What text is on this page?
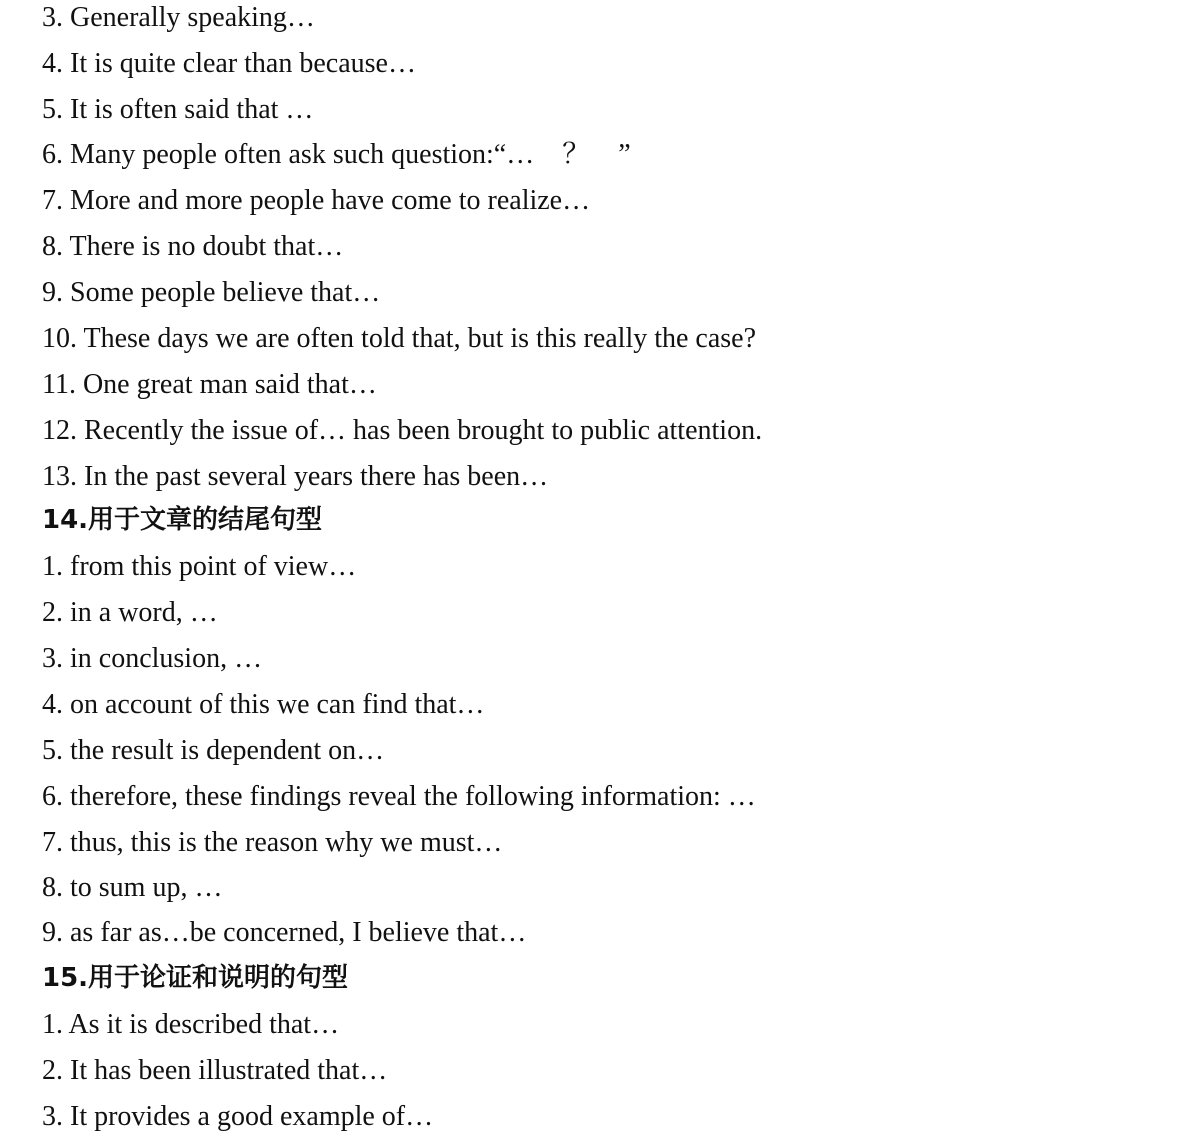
3. Generally speaking…
4. It is quite clear than because…
5. It is often said that …
6. Many people often ask such question:“…　？　”
7. More and more people have come to realize…
8. There is no doubt that…
9. Some people believe that…
10. These days we are often told that, but is this really the case?
11. One great man said that…
12. Recently the issue of… has been brought to public attention.
13. In the past several years there has been…
14.用于文章的结尾句型
1. from this point of view…
2. in a word, …
3. in conclusion, …
4. on account of this we can find that…
5. the result is dependent on…
6. therefore, these findings reveal the following information: …
7. thus, this is the reason why we must…
8. to sum up, …
9. as far as…be concerned, I believe that…
15.用于论证和说明的句型
1. As it is described that…
2. It has been illustrated that…
3. It provides a good example of…
